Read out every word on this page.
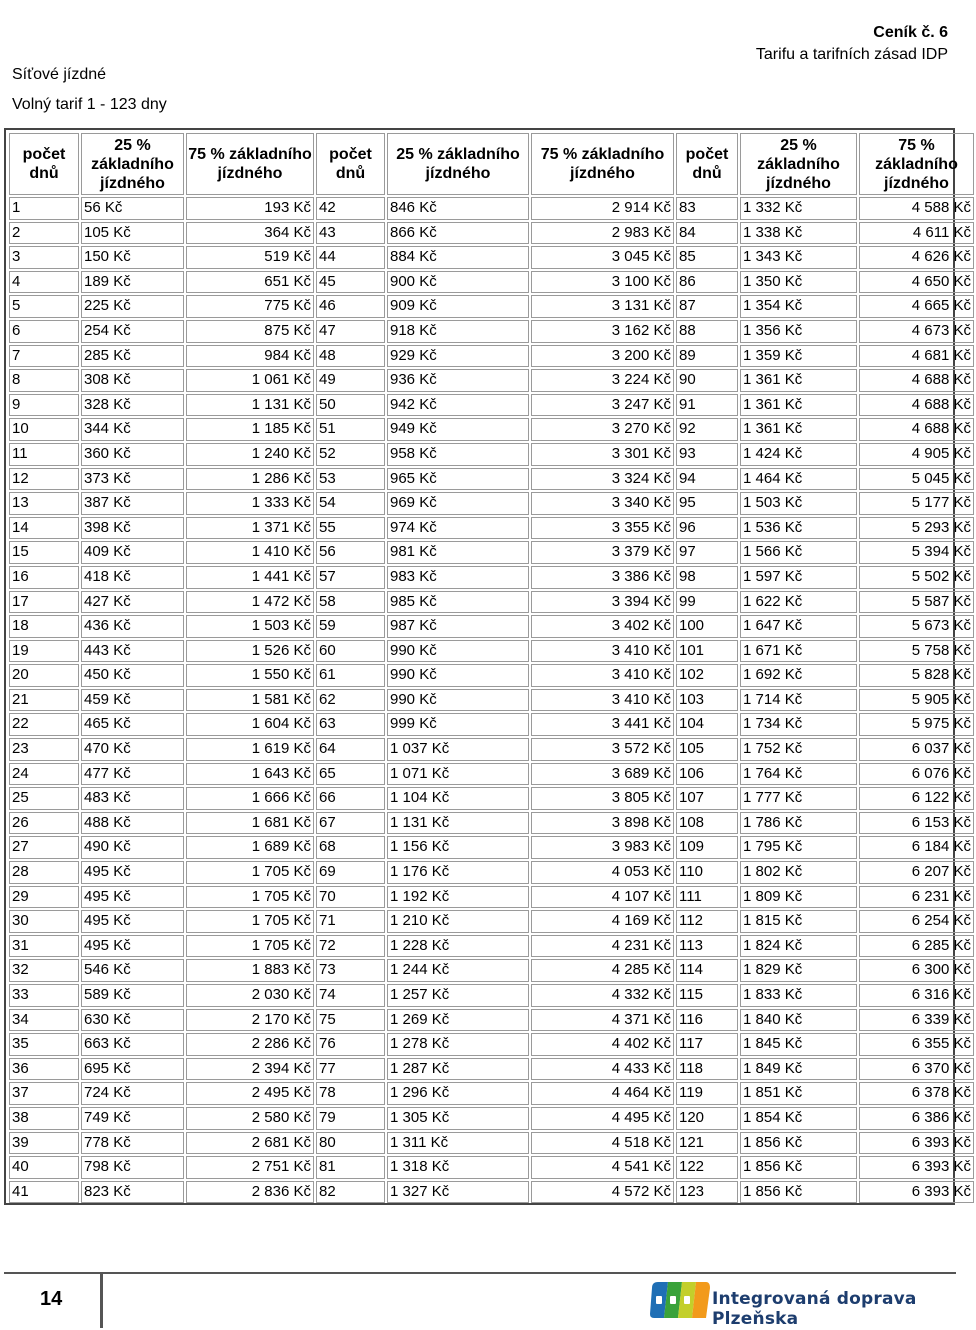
Síťové jízdné
Volný tarif 1 - 123 dny
Ceník č. 6
Tarifu a tarifních zásad IDP
počet dnů	25 % základního jízdného	75 % základního jízdného	počet dnů	25 % základního jízdného	75 % základního jízdného	počet dnů	25 % základního jízdného	75 % základního jízdného
1	56 Kč	193 Kč	42	846 Kč	2 914 Kč	83	1 332 Kč	4 588 Kč
2	105 Kč	364 Kč	43	866 Kč	2 983 Kč	84	1 338 Kč	4 611 Kč
3	150 Kč	519 Kč	44	884 Kč	3 045 Kč	85	1 343 Kč	4 626 Kč
4	189 Kč	651 Kč	45	900 Kč	3 100 Kč	86	1 350 Kč	4 650 Kč
5	225 Kč	775 Kč	46	909 Kč	3 131 Kč	87	1 354 Kč	4 665 Kč
6	254 Kč	875 Kč	47	918 Kč	3 162 Kč	88	1 356 Kč	4 673 Kč
7	285 Kč	984 Kč	48	929 Kč	3 200 Kč	89	1 359 Kč	4 681 Kč
8	308 Kč	1 061 Kč	49	936 Kč	3 224 Kč	90	1 361 Kč	4 688 Kč
9	328 Kč	1 131 Kč	50	942 Kč	3 247 Kč	91	1 361 Kč	4 688 Kč
10	344 Kč	1 185 Kč	51	949 Kč	3 270 Kč	92	1 361 Kč	4 688 Kč
11	360 Kč	1 240 Kč	52	958 Kč	3 301 Kč	93	1 424 Kč	4 905 Kč
12	373 Kč	1 286 Kč	53	965 Kč	3 324 Kč	94	1 464 Kč	5 045 Kč
13	387 Kč	1 333 Kč	54	969 Kč	3 340 Kč	95	1 503 Kč	5 177 Kč
14	398 Kč	1 371 Kč	55	974 Kč	3 355 Kč	96	1 536 Kč	5 293 Kč
15	409 Kč	1 410 Kč	56	981 Kč	3 379 Kč	97	1 566 Kč	5 394 Kč
16	418 Kč	1 441 Kč	57	983 Kč	3 386 Kč	98	1 597 Kč	5 502 Kč
17	427 Kč	1 472 Kč	58	985 Kč	3 394 Kč	99	1 622 Kč	5 587 Kč
18	436 Kč	1 503 Kč	59	987 Kč	3 402 Kč	100	1 647 Kč	5 673 Kč
19	443 Kč	1 526 Kč	60	990 Kč	3 410 Kč	101	1 671 Kč	5 758 Kč
20	450 Kč	1 550 Kč	61	990 Kč	3 410 Kč	102	1 692 Kč	5 828 Kč
21	459 Kč	1 581 Kč	62	990 Kč	3 410 Kč	103	1 714 Kč	5 905 Kč
22	465 Kč	1 604 Kč	63	999 Kč	3 441 Kč	104	1 734 Kč	5 975 Kč
23	470 Kč	1 619 Kč	64	1 037 Kč	3 572 Kč	105	1 752 Kč	6 037 Kč
24	477 Kč	1 643 Kč	65	1 071 Kč	3 689 Kč	106	1 764 Kč	6 076 Kč
25	483 Kč	1 666 Kč	66	1 104 Kč	3 805 Kč	107	1 777 Kč	6 122 Kč
26	488 Kč	1 681 Kč	67	1 131 Kč	3 898 Kč	108	1 786 Kč	6 153 Kč
27	490 Kč	1 689 Kč	68	1 156 Kč	3 983 Kč	109	1 795 Kč	6 184 Kč
28	495 Kč	1 705 Kč	69	1 176 Kč	4 053 Kč	110	1 802 Kč	6 207 Kč
29	495 Kč	1 705 Kč	70	1 192 Kč	4 107 Kč	111	1 809 Kč	6 231 Kč
30	495 Kč	1 705 Kč	71	1 210 Kč	4 169 Kč	112	1 815 Kč	6 254 Kč
31	495 Kč	1 705 Kč	72	1 228 Kč	4 231 Kč	113	1 824 Kč	6 285 Kč
32	546 Kč	1 883 Kč	73	1 244 Kč	4 285 Kč	114	1 829 Kč	6 300 Kč
33	589 Kč	2 030 Kč	74	1 257 Kč	4 332 Kč	115	1 833 Kč	6 316 Kč
34	630 Kč	2 170 Kč	75	1 269 Kč	4 371 Kč	116	1 840 Kč	6 339 Kč
35	663 Kč	2 286 Kč	76	1 278 Kč	4 402 Kč	117	1 845 Kč	6 355 Kč
36	695 Kč	2 394 Kč	77	1 287 Kč	4 433 Kč	118	1 849 Kč	6 370 Kč
37	724 Kč	2 495 Kč	78	1 296 Kč	4 464 Kč	119	1 851 Kč	6 378 Kč
38	749 Kč	2 580 Kč	79	1 305 Kč	4 495 Kč	120	1 854 Kč	6 386 Kč
39	778 Kč	2 681 Kč	80	1 311 Kč	4 518 Kč	121	1 856 Kč	6 393 Kč
40	798 Kč	2 751 Kč	81	1 318 Kč	4 541 Kč	122	1 856 Kč	6 393 Kč
41	823 Kč	2 836 Kč	82	1 327 Kč	4 572 Kč	123	1 856 Kč	6 393 Kč
14	Integrovaná doprava Plzeňska
